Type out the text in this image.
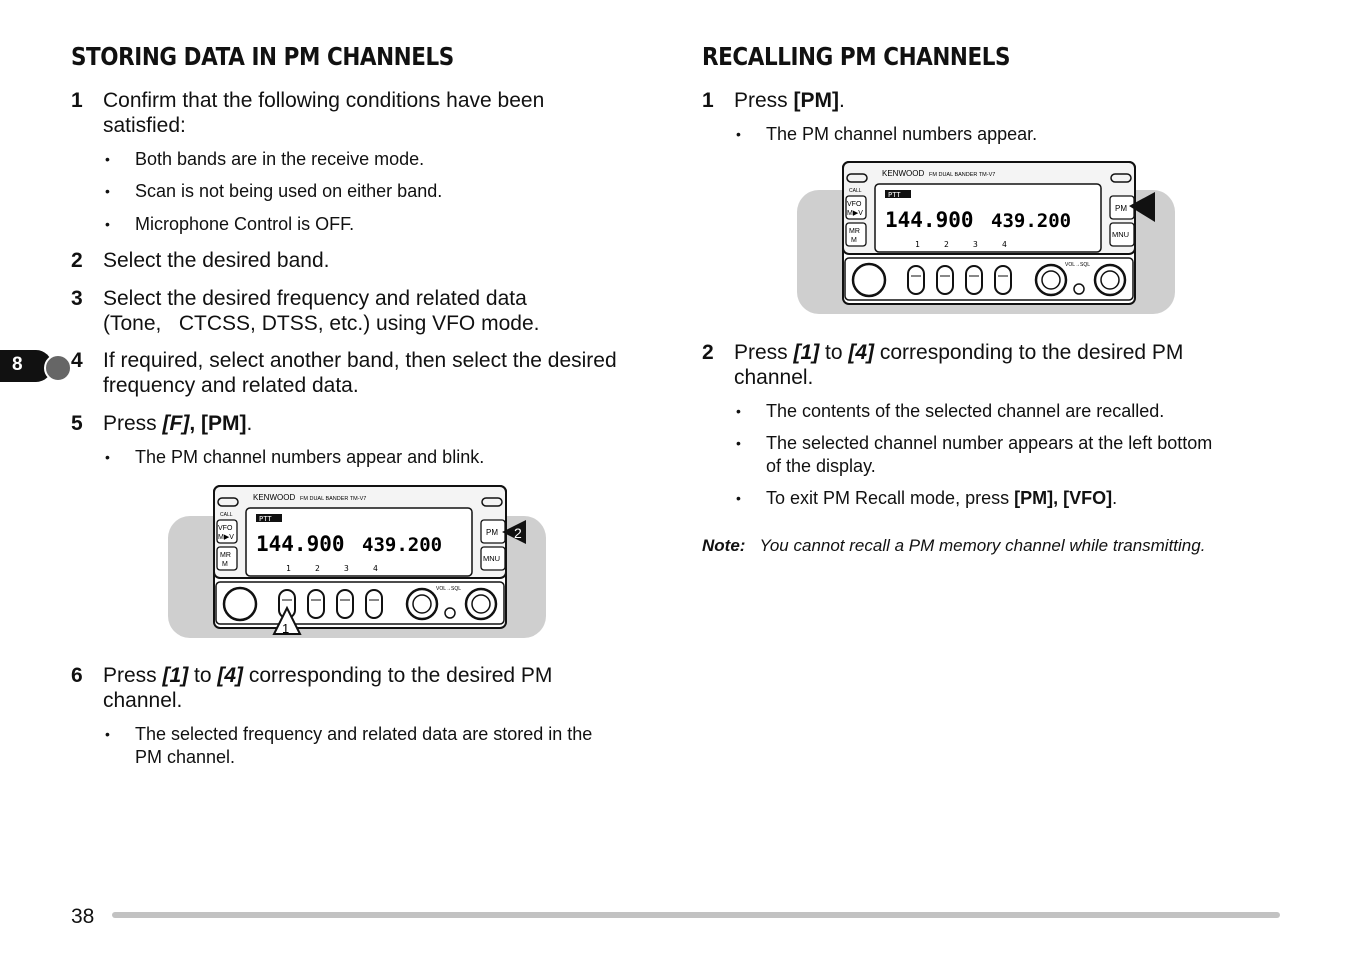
8
STORING DATA IN PM CHANNELS
1 Confirm that the following conditions have been
satisfied:
• Both bands are in the receive mode.
• Scan is not being used on either band.
• Microphone Control is OFF.
2 Select the desired band.
3 Select the desired frequency and related data
(Tone,   CTCSS, DTSS, etc.) using VFO mode.
4 If required, select another band, then select the desired
frequency and related data.
5 Press [F], [PM].
• The PM channel numbers appear and blink.
6 Press [1] to [4] corresponding to the desired PM
channel.
• The selected frequency and related data are stored in the
PM channel.
RECALLING PM CHANNELS
1 Press [PM].
• The PM channel numbers appear.
2 Press [1] to [4] corresponding to the desired PM
channel.
• The contents of the selected channel are recalled.
• The selected channel number appears at the left bottom
of the display.
• To exit PM Recall mode, press [PM], [VFO].
Note: You cannot recall a PM memory channel while transmitting.
CALL
KENWOOD FM DUAL BANDER TM-V7
PTT
144.900 439.200
1	2	3	4
VFO
M▶V
MR
M
PM
MNU
VOL→SQL
1
2
CALL
KENWOOD FM DUAL BANDER TM-V7
PTT
144.900 439.200
1	2	3	4
VFO
M▶V
MR
M
PM
MNU
VOL→SQL
38
